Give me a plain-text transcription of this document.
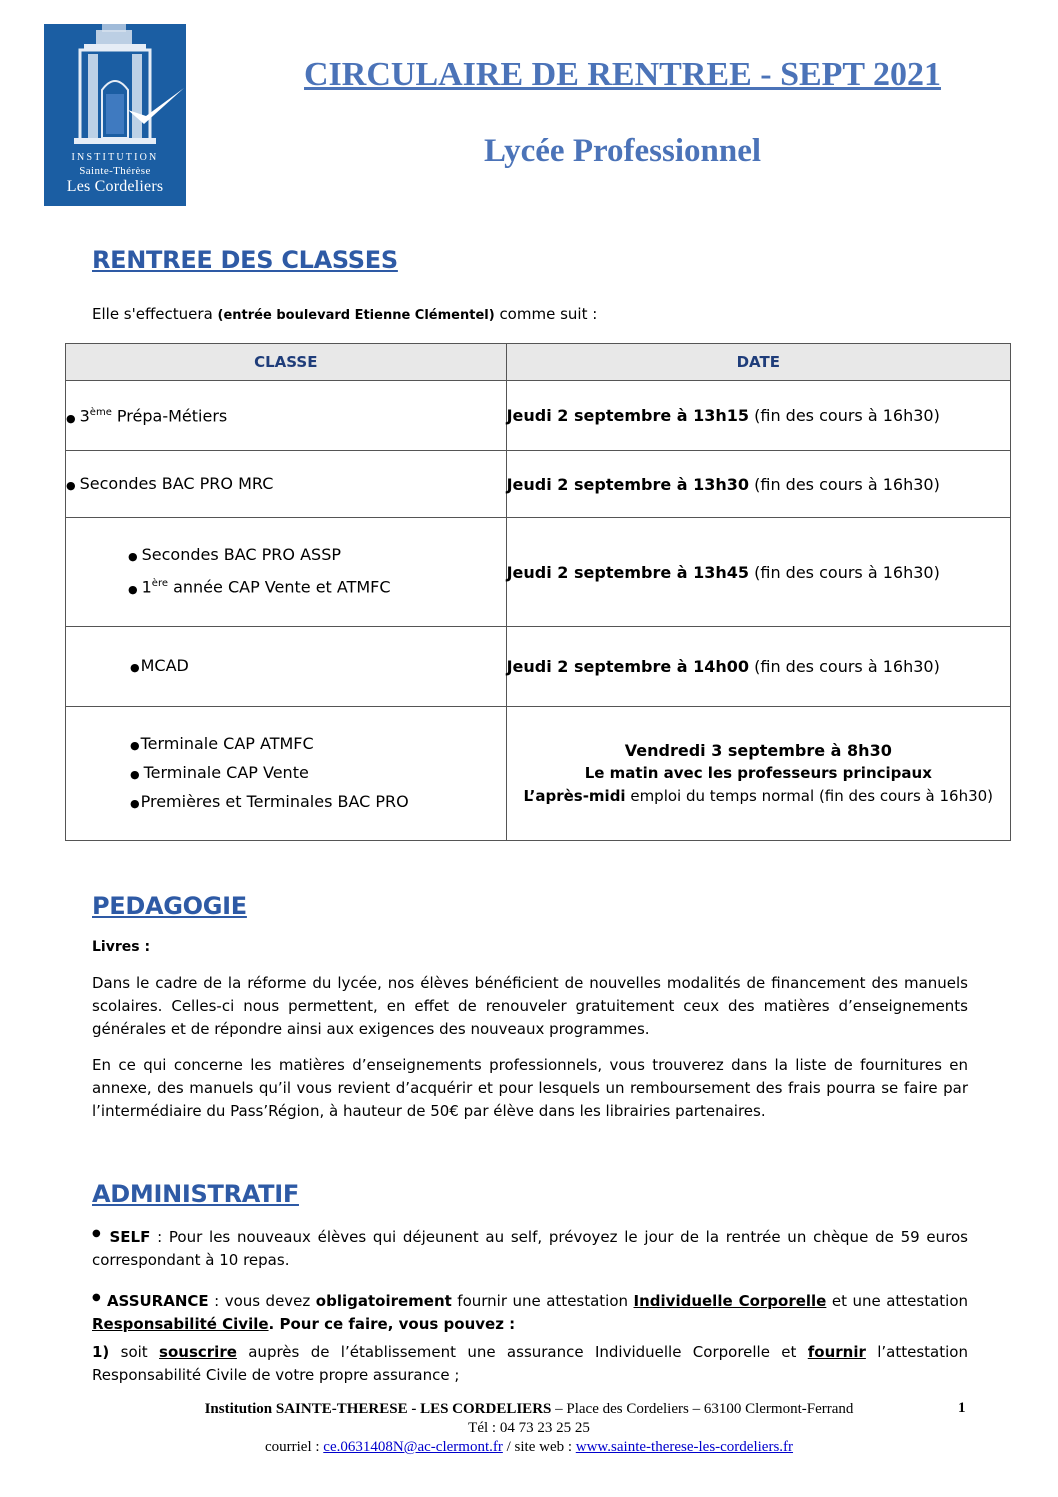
INSTITUTION
Sainte-Thérèse
Les Cordeliers
CIRCULAIRE DE RENTREE - SEPT 2021
Lycée Professionnel
RENTREE DES CLASSES

Elle s'effectuera (entrée boulevard Etienne Clémentel) comme suit :

CLASSE	DATE

● 3ème Prépa-Métiers	Jeudi 2 septembre à 13h15 (fin des cours à 16h30)

● Secondes BAC PRO MRC	Jeudi 2 septembre à 13h30 (fin des cours à 16h30)

● Secondes BAC PRO ASSP
● 1ère année CAP Vente et ATMFC	Jeudi 2 septembre à 13h45 (fin des cours à 16h30)

●MCAD	Jeudi 2 septembre à 14h00 (fin des cours à 16h30)

●Terminale CAP ATMFC
● Terminale CAP Vente
●Premières et Terminales BAC PRO	Vendredi 3 septembre à 8h30
Le matin avec les professeurs principaux
L’après-midi emploi du temps normal (fin des cours à 16h30)
PEDAGOGIE

Livres :

Dans le cadre de la réforme du lycée, nos élèves bénéficient de nouvelles modalités de financement des manuels scolaires. Celles-ci nous permettent, en effet de renouveler gratuitement ceux des matières d’enseignements générales et de répondre ainsi aux exigences des nouveaux programmes.

En ce qui concerne les matières d’enseignements professionnels, vous trouverez dans la liste de fournitures en annexe, des manuels qu’il vous revient d’acquérir et pour lesquels un remboursement des frais pourra se faire par l’intermédiaire du Pass’Région, à hauteur de 50€ par élève dans les librairies partenaires.

ADMINISTRATIF

● SELF : Pour les nouveaux élèves qui déjeunent au self, prévoyez le jour de la rentrée un chèque de 59 euros correspondant à 10 repas.

● ASSURANCE : vous devez obligatoirement fournir une attestation Individuelle Corporelle et une attestation Responsabilité Civile. Pour ce faire, vous pouvez :

1) soit souscrire auprès de l’établissement une assurance Individuelle Corporelle et fournir l’attestation Responsabilité Civile de votre propre assurance ;

Institution SAINTE-THERESE - LES CORDELIERS – Place des Cordeliers – 63100 Clermont-Ferrand
Tél : 04 73 23 25 25
courriel : ce.0631408N@ac-clermont.fr / site web : www.sainte-therese-les-cordeliers.fr
1
